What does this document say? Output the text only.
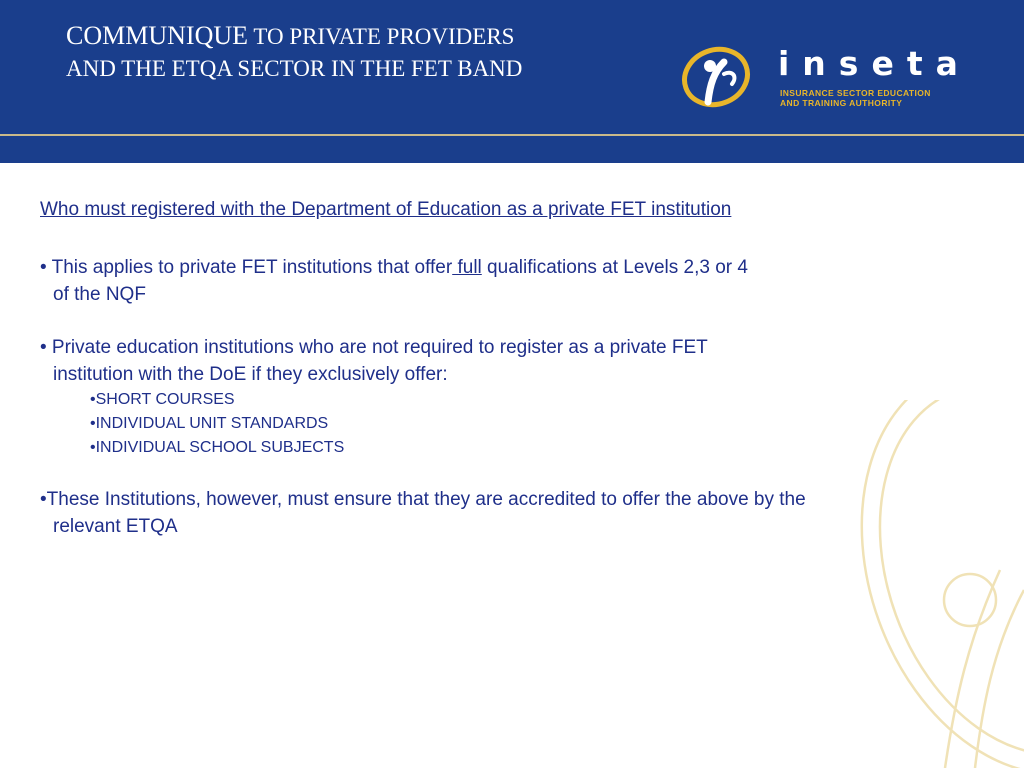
COMMUNIQUE TO PRIVATE PROVIDERS
AND THE ETQA SECTOR IN THE FET BAND	inseta
INSURANCE SECTOR EDUCATION
AND TRAINING AUTHORITY
Who must registered with the Department of Education as a private FET institution
• This applies to private FET institutions that offer full qualifications at Levels 2,3 or 4
of the NQF
• Private education institutions who are not required to register as a private FET
institution with the DoE if they exclusively offer:
•SHORT COURSES
•INDIVIDUAL UNIT STANDARDS
•INDIVIDUAL SCHOOL SUBJECTS
•These Institutions, however, must ensure that they are accredited to offer the above by the
relevant ETQA
